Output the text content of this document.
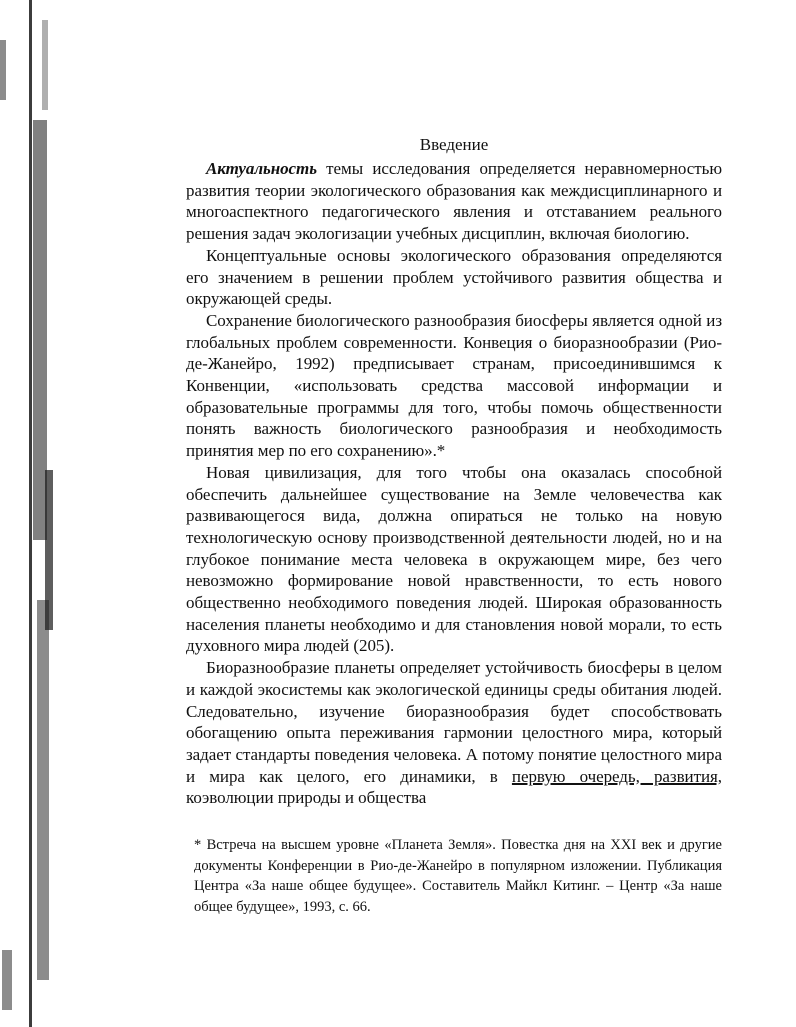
Введение

Актуальность темы исследования определяется неравномерностью развития теории экологического образования как междисциплинарного и многоаспектного педагогического явления и отставанием реального решения задач экологизации учебных дисциплин, включая биологию.

Концептуальные основы экологического образования определяются его значением в решении проблем устойчивого развития общества и окружающей среды.

Сохранение биологического разнообразия биосферы является одной из глобальных проблем современности. Конвеция о биоразнообразии (Рио-де-Жанейро, 1992) предписывает странам, присоединившимся к Конвенции, «использовать средства массовой информации и образовательные программы для того, чтобы помочь общественности понять важность биологического разнообразия и необходимость принятия мер по его сохранению».*

Новая цивилизация, для того чтобы она оказалась способной обеспечить дальнейшее существование на Земле человечества как развивающегося вида, должна опираться не только на новую технологическую основу производственной деятельности людей, но и на глубокое понимание места человека в окружающем мире, без чего невозможно формирование новой нравственности, то есть нового общественно необходимого поведения людей. Широкая образованность населения планеты необходимо и для становления новой морали, то есть духовного мира людей (205).

Биоразнообразие планеты определяет устойчивость биосферы в целом и каждой экосистемы как экологической единицы среды обитания людей. Следовательно, изучение биоразнообразия будет способствовать обогащению опыта переживания гармонии целостного мира, который задает стандарты поведения человека. А потому понятие целостного мира и мира как целого, его динамики, в первую очередь, развития, коэволюции природы и общества

* Встреча на высшем уровне «Планета Земля». Повестка дня на XXI век и другие документы Конференции в Рио-де-Жанейро в популярном изложении. Публикация Центра «За наше общее будущее». Составитель Майкл Китинг. – Центр «За наше общее будущее», 1993, с. 66.
